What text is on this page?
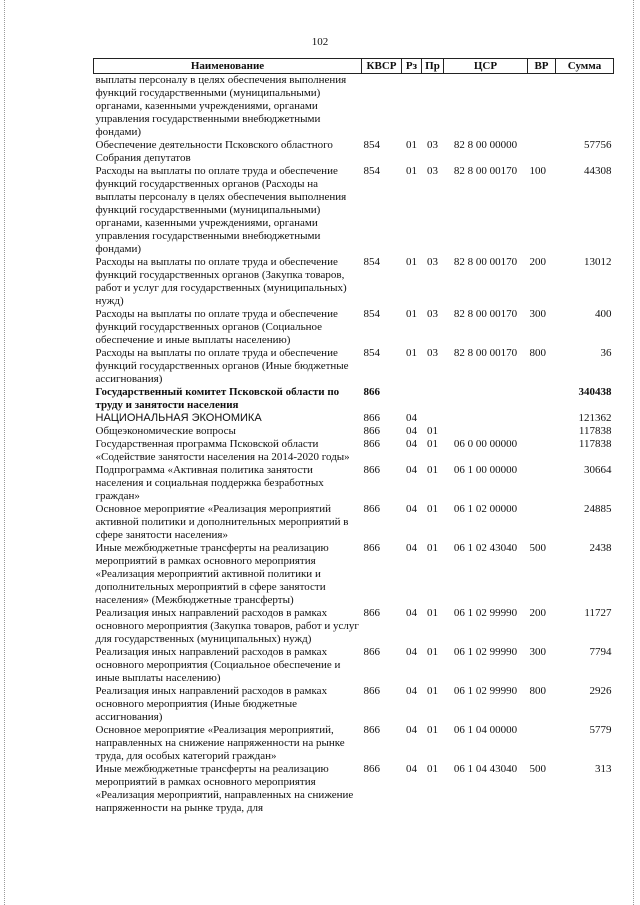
102
Наименование	КВСР	Рз	Пр	ЦСР	ВР	Сумма
выплаты персоналу в целях обеспечения выполнения функций государственными (муниципальными) органами, казенными учреждениями, органами управления государственными внебюджетными фондами)						
Обеспечение деятельности Псковского областного Собрания депутатов	854	01	03	82 8 00 00000		57756
Расходы на выплаты по оплате труда и обеспечение функций государственных органов (Расходы на выплаты персоналу в целях обеспечения выполнения функций государственными (муниципальными) органами, казенными учреждениями, органами управления государственными внебюджетными фондами)	854	01	03	82 8 00 00170	100	44308
Расходы на выплаты по оплате труда и обеспечение функций государственных органов (Закупка товаров, работ и услуг для государственных (муниципальных) нужд)	854	01	03	82 8 00 00170	200	13012
Расходы на выплаты по оплате труда и обеспечение функций государственных органов (Социальное обеспечение и иные выплаты населению)	854	01	03	82 8 00 00170	300	400
Расходы на выплаты по оплате труда и обеспечение функций государственных органов (Иные бюджетные ассигнования)	854	01	03	82 8 00 00170	800	36
Государственный комитет Псковской области по труду и занятости населения	866					340438
НАЦИОНАЛЬНАЯ ЭКОНОМИКА	866	04				121362
Общеэкономические вопросы	866	04	01			117838
Государственная программа Псковской области «Содействие занятости населения на 2014-2020 годы»	866	04	01	06 0 00 00000		117838
Подпрограмма «Активная политика занятости населения и социальная поддержка безработных граждан»	866	04	01	06 1 00 00000		30664
Основное мероприятие «Реализация мероприятий активной политики и дополнительных мероприятий в сфере занятости населения»	866	04	01	06 1 02 00000		24885
Иные межбюджетные трансферты на реализацию мероприятий в рамках основного мероприятия «Реализация мероприятий активной политики и дополнительных мероприятий в сфере занятости населения» (Межбюджетные трансферты)	866	04	01	06 1 02 43040	500	2438
Реализация иных направлений расходов в рамках основного мероприятия (Закупка товаров, работ и услуг для государственных (муниципальных) нужд)	866	04	01	06 1 02 99990	200	11727
Реализация иных направлений расходов в рамках основного мероприятия (Социальное обеспечение и иные выплаты населению)	866	04	01	06 1 02 99990	300	7794
Реализация иных направлений расходов в рамках основного мероприятия (Иные бюджетные ассигнования)	866	04	01	06 1 02 99990	800	2926
Основное мероприятие «Реализация мероприятий, направленных на снижение напряженности на рынке труда, для особых категорий граждан»	866	04	01	06 1 04 00000		5779
Иные межбюджетные трансферты на реализацию мероприятий в рамках основного мероприятия «Реализация мероприятий, направленных на снижение напряженности на рынке труда, для	866	04	01	06 1 04 43040	500	313
